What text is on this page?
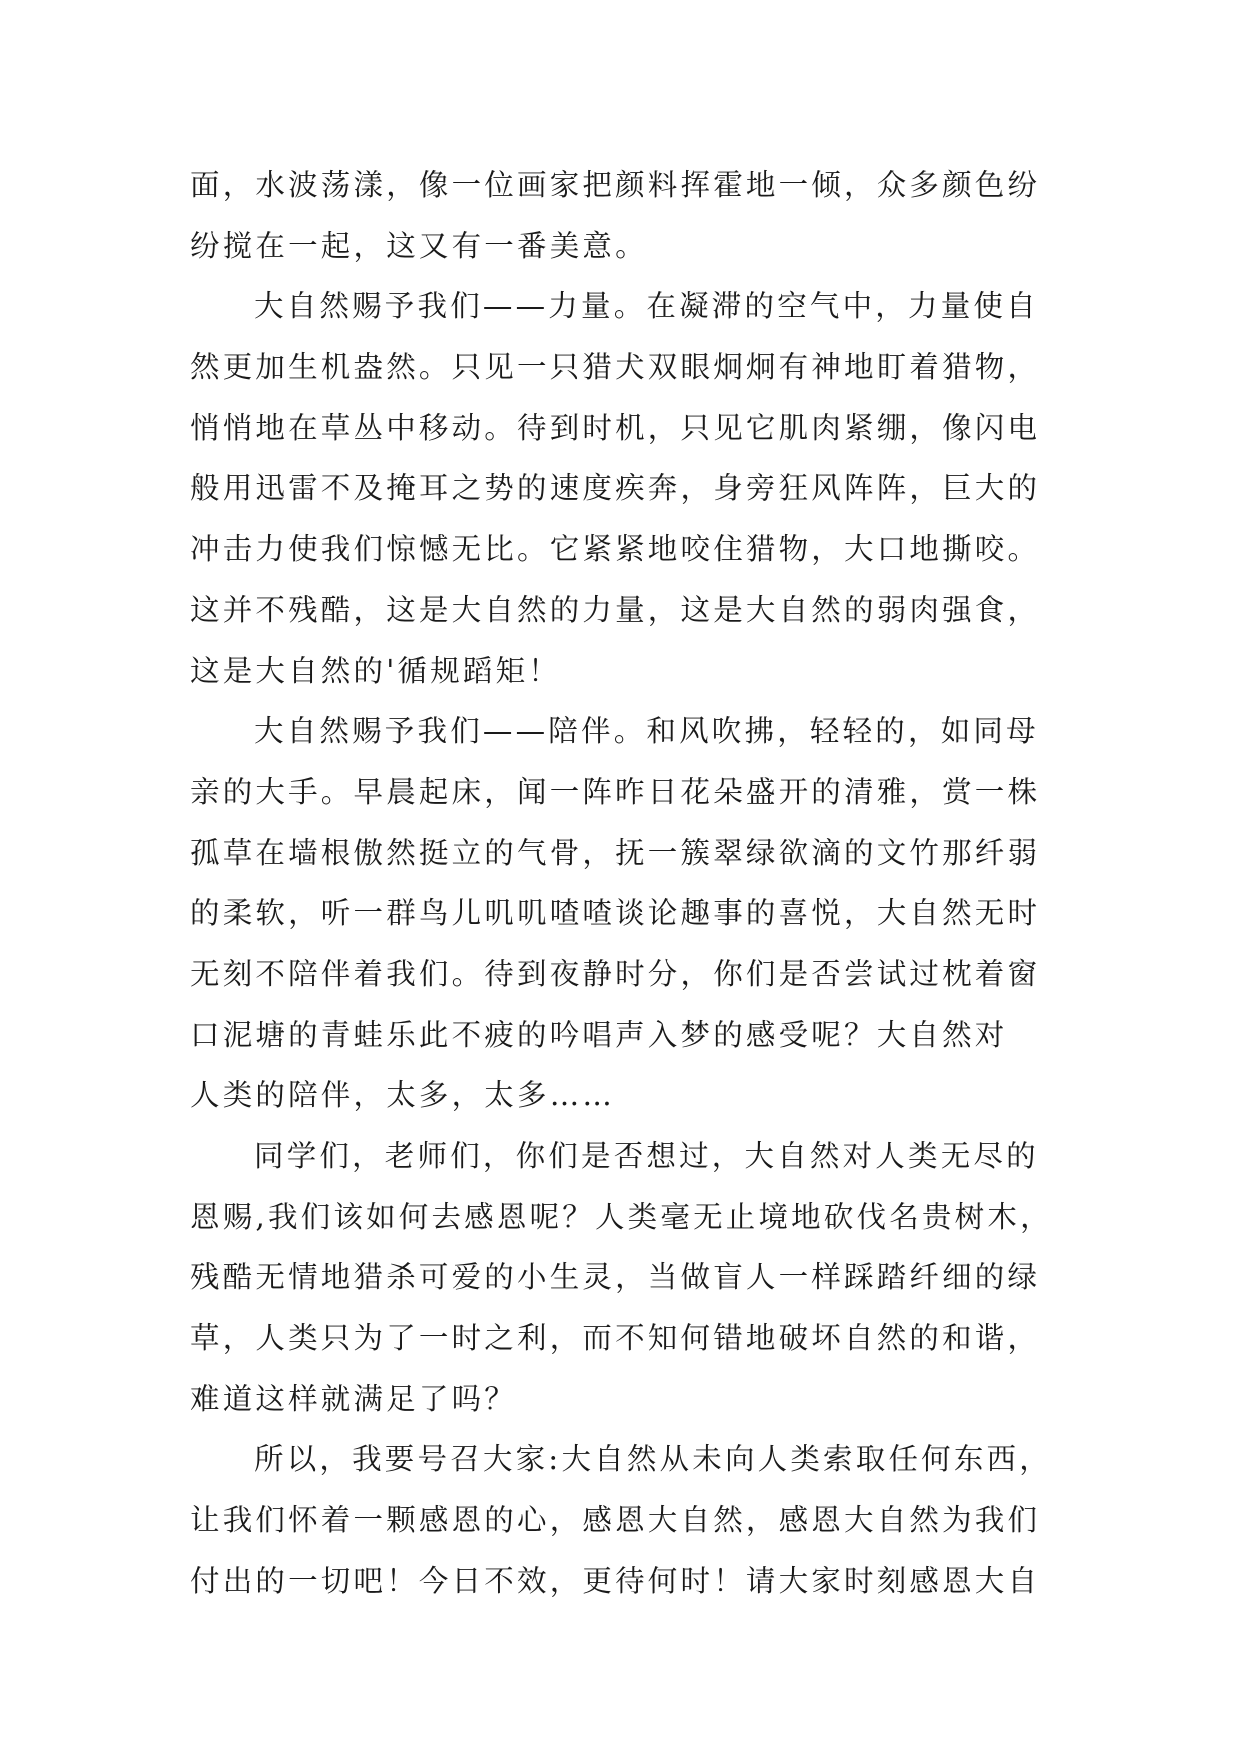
面，水波荡漾，像一位画家把颜料挥霍地一倾，众多颜色纷
纷搅在一起，这又有一番美意。
大自然赐予我们——力量。在凝滞的空气中，力量使自
然更加生机盎然。只见一只猎犬双眼炯炯有神地盯着猎物，
悄悄地在草丛中移动。待到时机，只见它肌肉紧绷，像闪电
般用迅雷不及掩耳之势的速度疾奔，身旁狂风阵阵，巨大的
冲击力使我们惊憾无比。它紧紧地咬住猎物，大口地撕咬。
这并不残酷，这是大自然的力量，这是大自然的弱肉强食，
这是大自然的'循规蹈矩！
大自然赐予我们——陪伴。和风吹拂，轻轻的，如同母
亲的大手。早晨起床，闻一阵昨日花朵盛开的清雅，赏一株
孤草在墙根傲然挺立的气骨，抚一簇翠绿欲滴的文竹那纤弱
的柔软，听一群鸟儿叽叽喳喳谈论趣事的喜悦，大自然无时
无刻不陪伴着我们。待到夜静时分，你们是否尝试过枕着窗
口泥塘的青蛙乐此不疲的吟唱声入梦的感受呢？大自然对
人类的陪伴，太多，太多……
同学们，老师们，你们是否想过，大自然对人类无尽的
恩赐,我们该如何去感恩呢？人类毫无止境地砍伐名贵树木，
残酷无情地猎杀可爱的小生灵，当做盲人一样踩踏纤细的绿
草，人类只为了一时之利，而不知何错地破坏自然的和谐，
难道这样就满足了吗？
所以，我要号召大家:大自然从未向人类索取任何东西，
让我们怀着一颗感恩的心，感恩大自然，感恩大自然为我们
付出的一切吧！今日不效，更待何时！请大家时刻感恩大自
